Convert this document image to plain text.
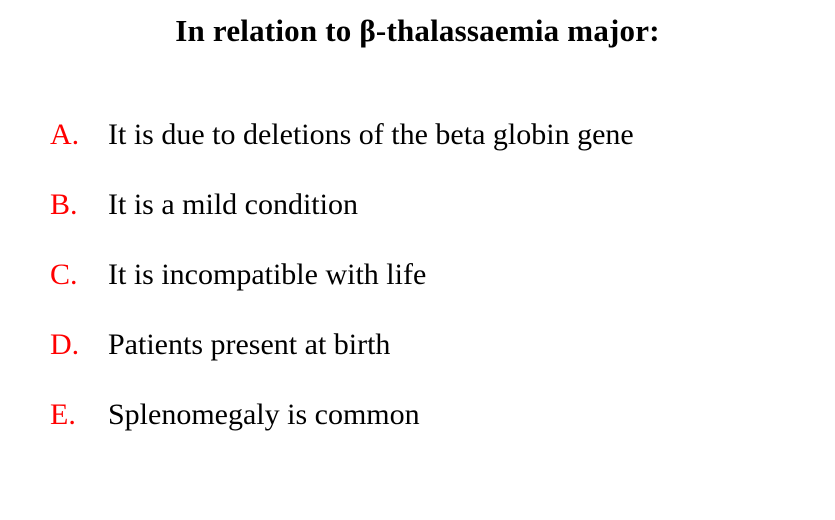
In relation to β-thalassaemia major:
A. It is due to deletions of the beta globin gene
B.	It is a mild condition
C.	It is incompatible with life
D. Patients present at birth
E.	Splenomegaly is common
